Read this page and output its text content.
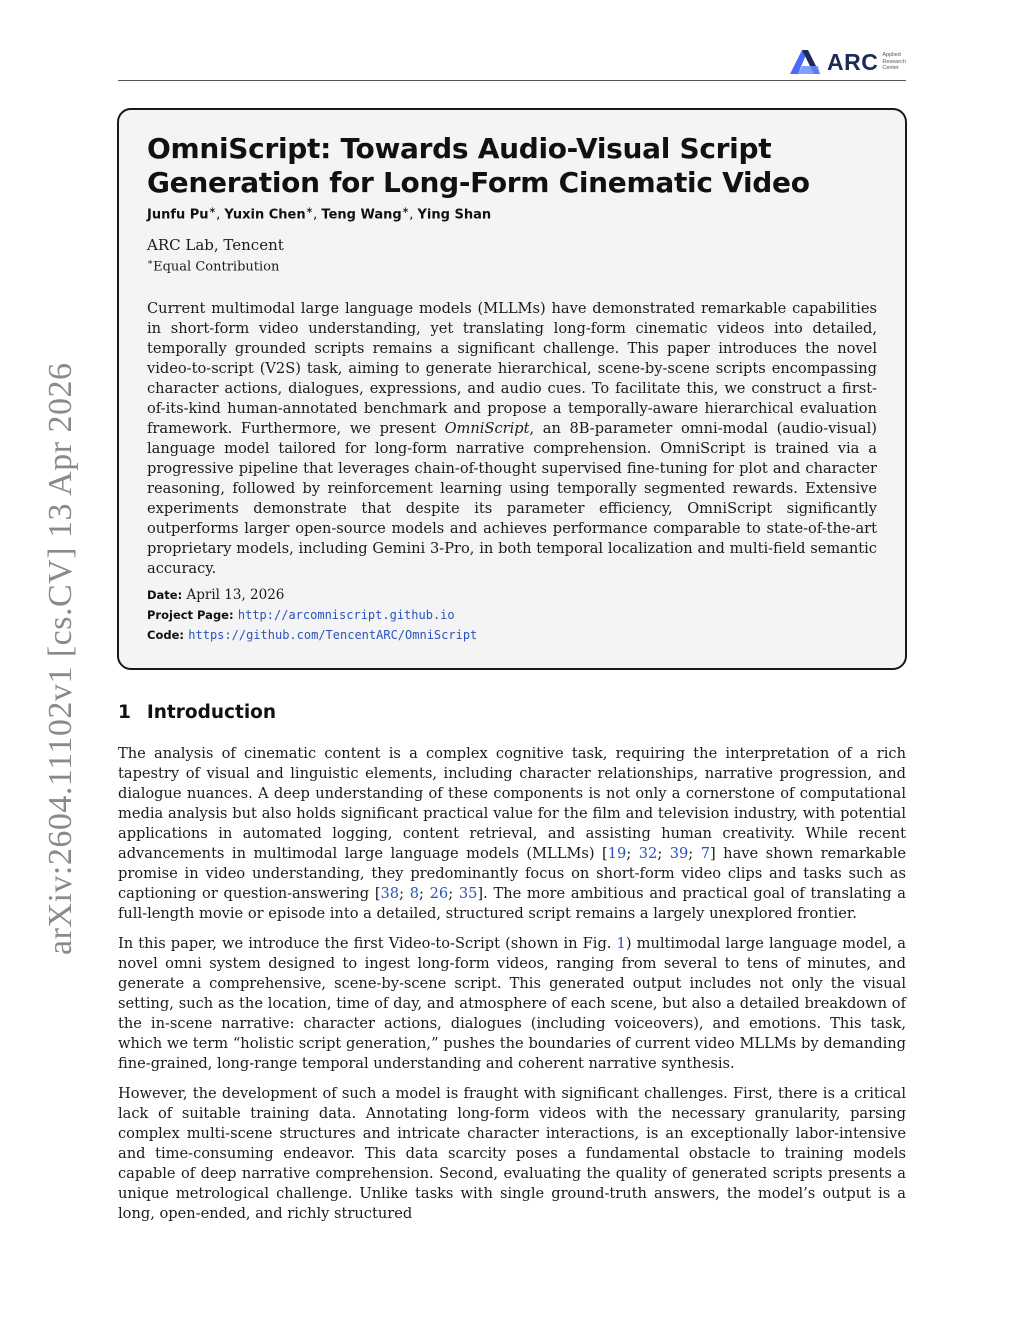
ARC Applied
Research
Center
arXiv:2604.11102v1 [cs.CV] 13 Apr 2026
OmniScript: Towards Audio-Visual Script Generation for Long-Form Cinematic Video
Junfu Pu∗, Yuxin Chen∗, Teng Wang∗, Ying Shan
ARC Lab, Tencent
∗Equal Contribution
Current multimodal large language models (MLLMs) have demonstrated remarkable capabilities in short-form video understanding, yet translating long-form cinematic videos into detailed, temporally grounded scripts remains a significant challenge. This paper introduces the novel video-to-script (V2S) task, aiming to generate hierarchical, scene-by-scene scripts encompassing character actions, dialogues, expressions, and audio cues. To facilitate this, we construct a first-of-its-kind human-annotated benchmark and propose a temporally-aware hierarchical evaluation framework. Furthermore, we present OmniScript, an 8B-parameter omni-modal (audio-visual) language model tailored for long-form narrative comprehension. OmniScript is trained via a progressive pipeline that leverages chain-of-thought supervised fine-tuning for plot and character reasoning, followed by reinforcement learning using temporally segmented rewards. Extensive experiments demonstrate that despite its parameter efficiency, OmniScript significantly outperforms larger open-source models and achieves performance comparable to state-of-the-art proprietary models, including Gemini 3-Pro, in both temporal localization and multi-field semantic accuracy.
Date: April 13, 2026
Project Page: http://arcomniscript.github.io
Code: https://github.com/TencentARC/OmniScript
1 Introduction
The analysis of cinematic content is a complex cognitive task, requiring the interpretation of a rich tapestry of visual and linguistic elements, including character relationships, narrative progression, and dialogue nuances. A deep understanding of these components is not only a cornerstone of computational media analysis but also holds significant practical value for the film and television industry, with potential applications in automated logging, content retrieval, and assisting human creativity. While recent advancements in multimodal large language models (MLLMs) [19; 32; 39; 7] have shown remarkable promise in video understanding, they predominantly focus on short-form video clips and tasks such as captioning or question-answering [38; 8; 26; 35]. The more ambitious and practical goal of translating a full-length movie or episode into a detailed, structured script remains a largely unexplored frontier.
In this paper, we introduce the first Video-to-Script (shown in Fig. 1) multimodal large language model, a novel omni system designed to ingest long-form videos, ranging from several to tens of minutes, and generate a comprehensive, scene-by-scene script. This generated output includes not only the visual setting, such as the location, time of day, and atmosphere of each scene, but also a detailed breakdown of the in-scene narrative: character actions, dialogues (including voiceovers), and emotions. This task, which we term “holistic script generation,” pushes the boundaries of current video MLLMs by demanding fine-grained, long-range temporal understanding and coherent narrative synthesis.
However, the development of such a model is fraught with significant challenges. First, there is a critical lack of suitable training data. Annotating long-form videos with the necessary granularity, parsing complex multi-scene structures and intricate character interactions, is an exceptionally labor-intensive and time-consuming endeavor. This data scarcity poses a fundamental obstacle to training models capable of deep narrative comprehension. Second, evaluating the quality of generated scripts presents a unique metrological challenge. Unlike tasks with single ground-truth answers, the model’s output is a long, open-ended, and richly structured
